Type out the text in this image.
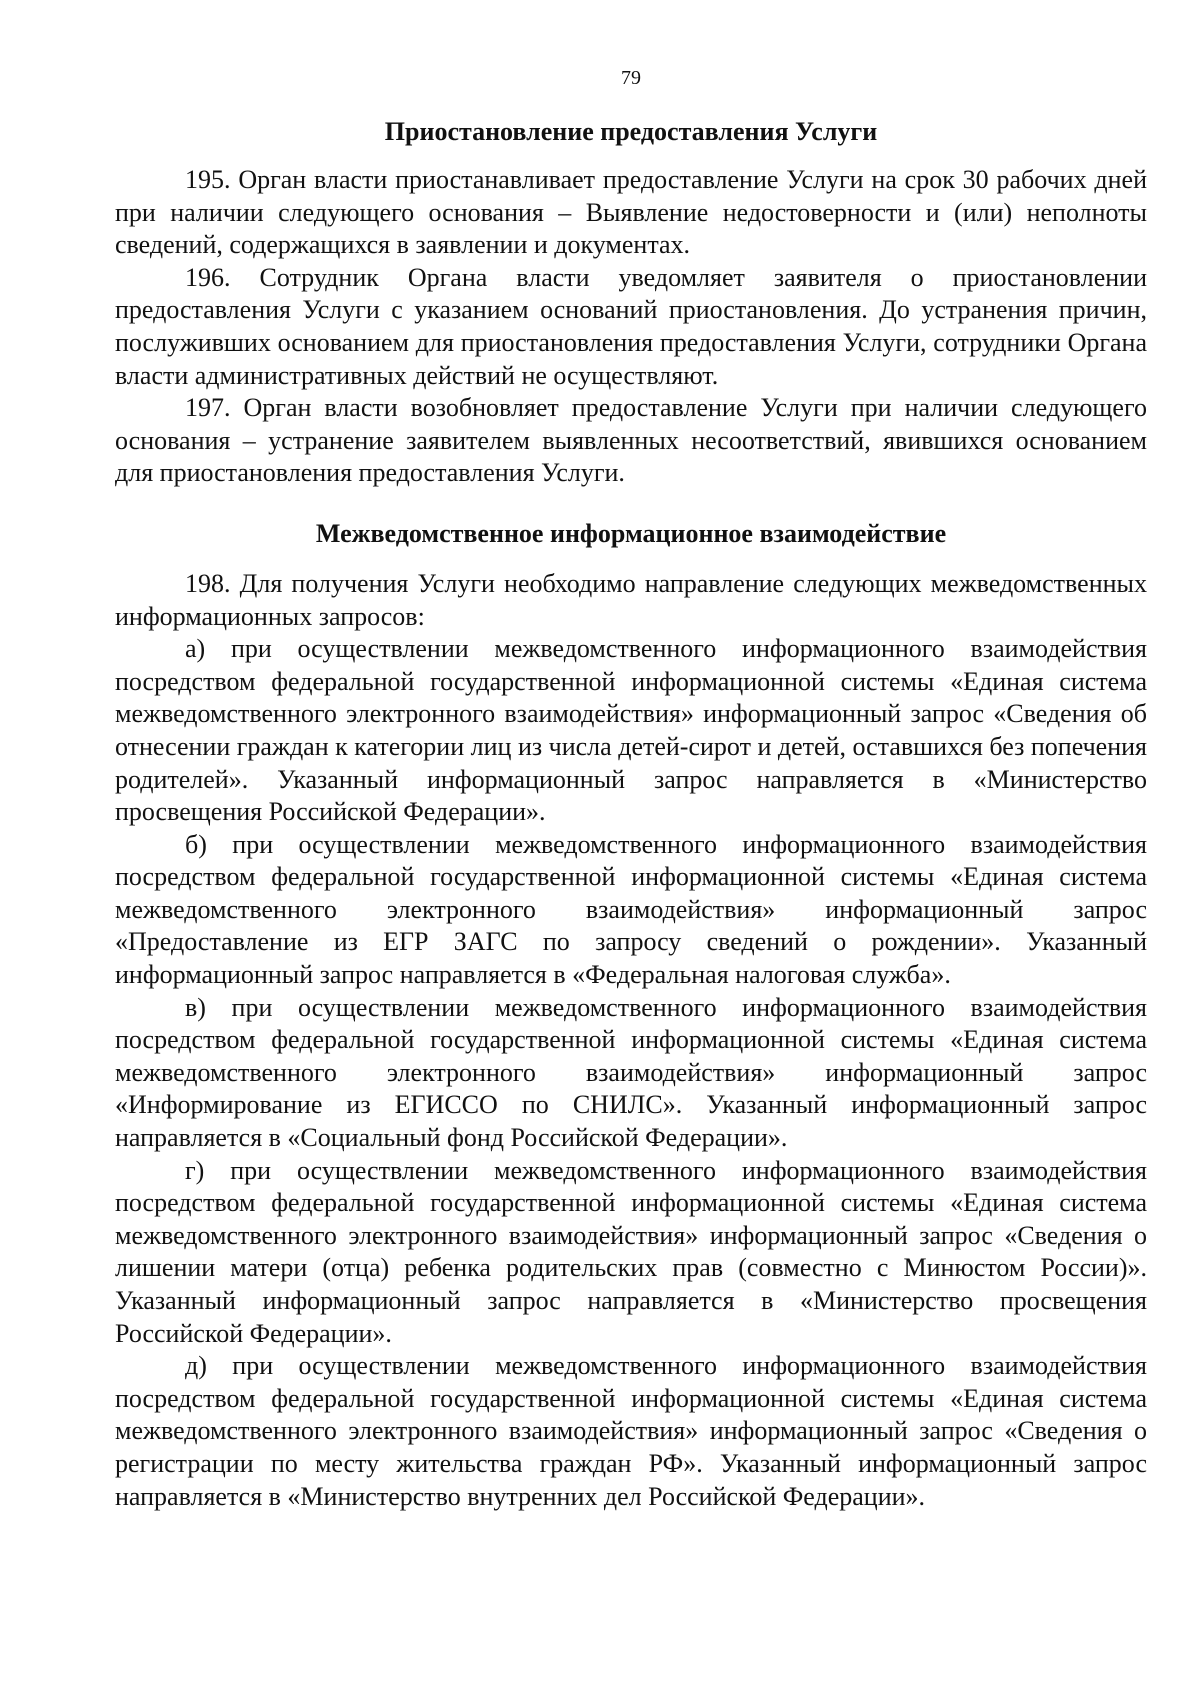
79
Приостановление предоставления Услуги

195. Орган власти приостанавливает предоставление Услуги на срок 30 рабочих дней при наличии следующего основания – Выявление недостоверности и (или) неполноты сведений, содержащихся в заявлении и документах.

196. Сотрудник Органа власти уведомляет заявителя о приостановлении предоставления Услуги с указанием оснований приостановления. До устранения причин, послуживших основанием для приостановления предоставления Услуги, сотрудники Органа власти административных действий не осуществляют.

197. Орган власти возобновляет предоставление Услуги при наличии следующего основания – устранение заявителем выявленных несоответствий, явившихся основанием для приостановления предоставления Услуги.

Межведомственное информационное взаимодействие

198. Для получения Услуги необходимо направление следующих межведомственных информационных запросов:

а) при осуществлении межведомственного информационного взаимодействия посредством федеральной государственной информационной системы «Единая система межведомственного электронного взаимодействия» информационный запрос «Сведения об отнесении граждан к категории лиц из числа детей-сирот и детей, оставшихся без попечения родителей». Указанный информационный запрос направляется в «Министерство просвещения Российской Федерации».

б) при осуществлении межведомственного информационного взаимодействия посредством федеральной государственной информационной системы «Единая система межведомственного электронного взаимодействия» информационный запрос «Предоставление из ЕГР ЗАГС по запросу сведений о рождении». Указанный информационный запрос направляется в «Федеральная налоговая служба».

в) при осуществлении межведомственного информационного взаимодействия посредством федеральной государственной информационной системы «Единая система межведомственного электронного взаимодействия» информационный запрос «Информирование из ЕГИССО по СНИЛС». Указанный информационный запрос направляется в «Социальный фонд Российской Федерации».

г) при осуществлении межведомственного информационного взаимодействия посредством федеральной государственной информационной системы «Единая система межведомственного электронного взаимодействия» информационный запрос «Сведения о лишении матери (отца) ребенка родительских прав (совместно с Минюстом России)». Указанный информационный запрос направляется в «Министерство просвещения Российской Федерации».

д) при осуществлении межведомственного информационного взаимодействия посредством федеральной государственной информационной системы «Единая система межведомственного электронного взаимодействия» информационный запрос «Сведения о регистрации по месту жительства граждан РФ». Указанный информационный запрос направляется в «Министерство внутренних дел Российской Федерации».
